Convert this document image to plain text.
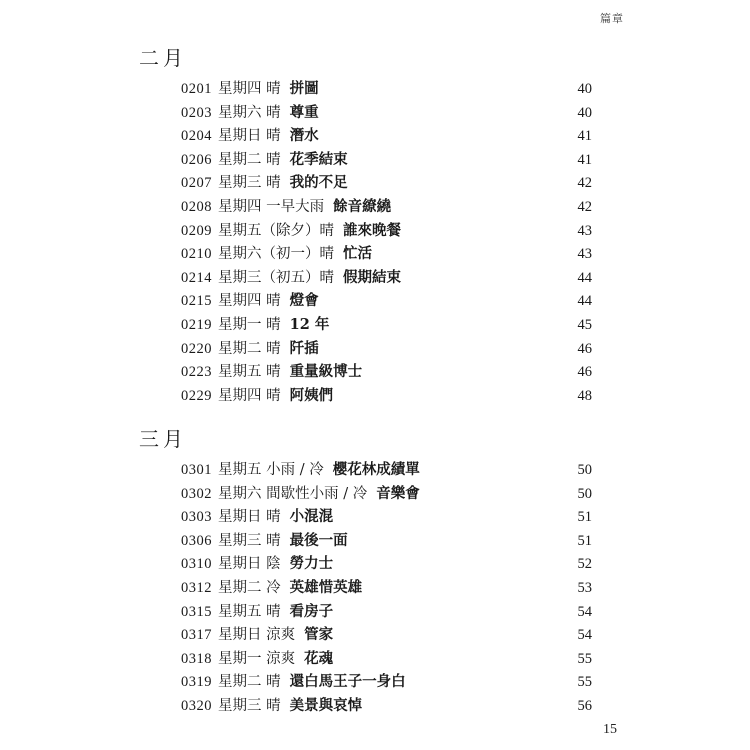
篇章
二月
0201 星期四 晴 拼圖	40
0203 星期六 晴 尊重	40
0204 星期日 晴 潛水	41
0206 星期二 晴 花季結束	41
0207 星期三 晴 我的不足	42
0208 星期四 一早大雨 餘音繚繞	42
0209 星期五（除夕）晴 誰來晚餐	43
0210 星期六（初一）晴 忙活	43
0214 星期三（初五）晴 假期結束	44
0215 星期四 晴 燈會	44
0219 星期一 晴 12 年	45
0220 星期二 晴 阡插	46
0223 星期五 晴 重量級博士	46
0229 星期四 晴 阿姨們	48
三月
0301 星期五 小雨 / 冷 櫻花林成績單	50
0302 星期六 間歇性小雨 / 冷 音樂會	50
0303 星期日 晴 小混混	51
0306 星期三 晴 最後一面	51
0310 星期日 陰 勞力士	52
0312 星期二 冷 英雄惜英雄	53
0315 星期五 晴 看房子	54
0317 星期日 涼爽 管家	54
0318 星期一 涼爽 花魂	55
0319 星期二 晴 還白馬王子一身白	55
0320 星期三 晴 美景與哀悼	56
15
